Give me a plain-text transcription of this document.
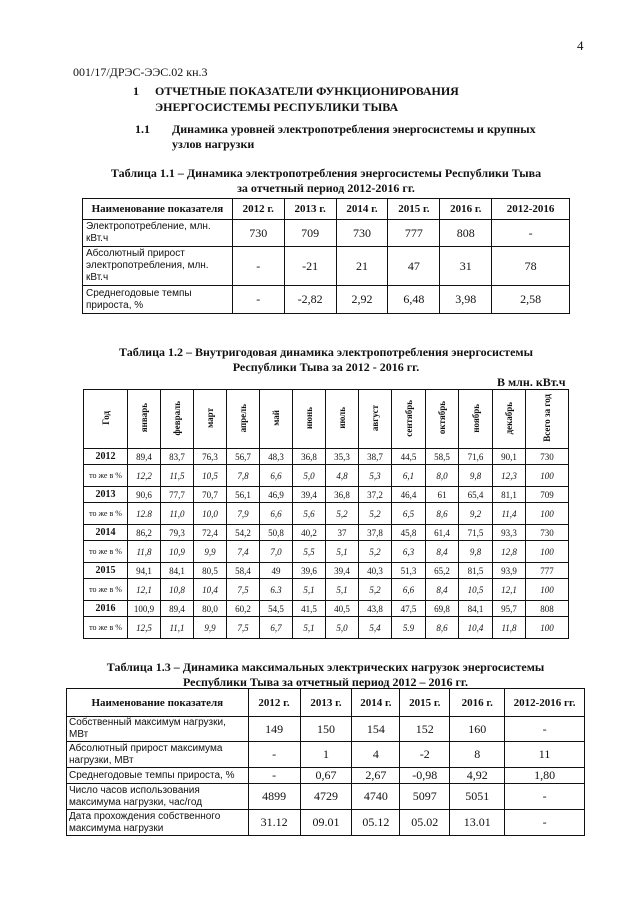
4
001/17/ДРЭС-ЭЭС.02 кн.3
1 ОТЧЕТНЫЕ ПОКАЗАТЕЛИ ФУНКЦИОНИРОВАНИЯ ЭНЕРГОСИСТЕМЫ РЕСПУБЛИКИ ТЫВА
1.1 Динамика уровней электропотребления энергосистемы и крупных узлов нагрузки
Таблица 1.1 – Динамика электропотребления энергосистемы Республики Тыва
за отчетный период 2012-2016 гг.
Наименование показателя	2012 г.	2013 г.	2014 г.	2015 г.	2016 г.	2012-2016
Электропотребление, млн. кВт.ч	730	709	730	777	808	-
Абсолютный прирост электропотребления, млн. кВт.ч	-	-21	21	47	31	78
Среднегодовые темпы прироста, %	-	-2,82	2,92	6,48	3,98	2,58
Таблица 1.2 – Внутригодовая динамика электропотребления энергосистемы
Республики Тыва за 2012 - 2016 гг.
В млн. кВт.ч
Год	январь	февраль	март	апрель	май	июнь	июль	август	сентябрь	октябрь	ноябрь	декабрь	Всего за год
2012	89,4	83,7	76,3	56,7	48,3	36,8	35,3	38,7	44,5	58,5	71,6	90,1	730
то же в %	12,2	11,5	10,5	7,8	6,6	5,0	4,8	5,3	6,1	8,0	9,8	12,3	100
2013	90,6	77,7	70,7	56,1	46,9	39,4	36,8	37,2	46,4	61	65,4	81,1	709
то же в %	12.8	11,0	10,0	7,9	6,6	5,6	5,2	5,2	6,5	8,6	9,2	11,4	100
2014	86,2	79,3	72,4	54,2	50,8	40,2	37	37,8	45,8	61,4	71,5	93,3	730
то же в %	11,8	10,9	9,9	7,4	7,0	5,5	5,1	5,2	6,3	8,4	9,8	12,8	100
2015	94,1	84,1	80,5	58,4	49	39,6	39,4	40,3	51,3	65,2	81,5	93,9	777
то же в %	12,1	10,8	10,4	7,5	6.3	5,1	5,1	5,2	6,6	8,4	10,5	12,1	100
2016	100,9	89,4	80,0	60,2	54,5	41,5	40,5	43,8	47,5	69,8	84,1	95,7	808
то же в %	12,5	11,1	9,9	7,5	6,7	5,1	5,0	5,4	5.9	8,6	10,4	11,8	100
Таблица 1.3 – Динамика максимальных электрических нагрузок энергосистемы
Республики Тыва за отчетный период 2012 – 2016 гг.
Наименование показателя	2012 г.	2013 г.	2014 г.	2015 г.	2016 г.	2012-2016 гг.
Собственный максимум нагрузки, МВт	149	150	154	152	160	-
Абсолютный прирост максимума нагрузки, МВт	-	1	4	-2	8	11
Среднегодовые темпы прироста, %	-	0,67	2,67	-0,98	4,92	1,80
Число часов использования максимума нагрузки, час/год	4899	4729	4740	5097	5051	-
Дата прохождения собственного максимума нагрузки	31.12	09.01	05.12	05.02	13.01	-
